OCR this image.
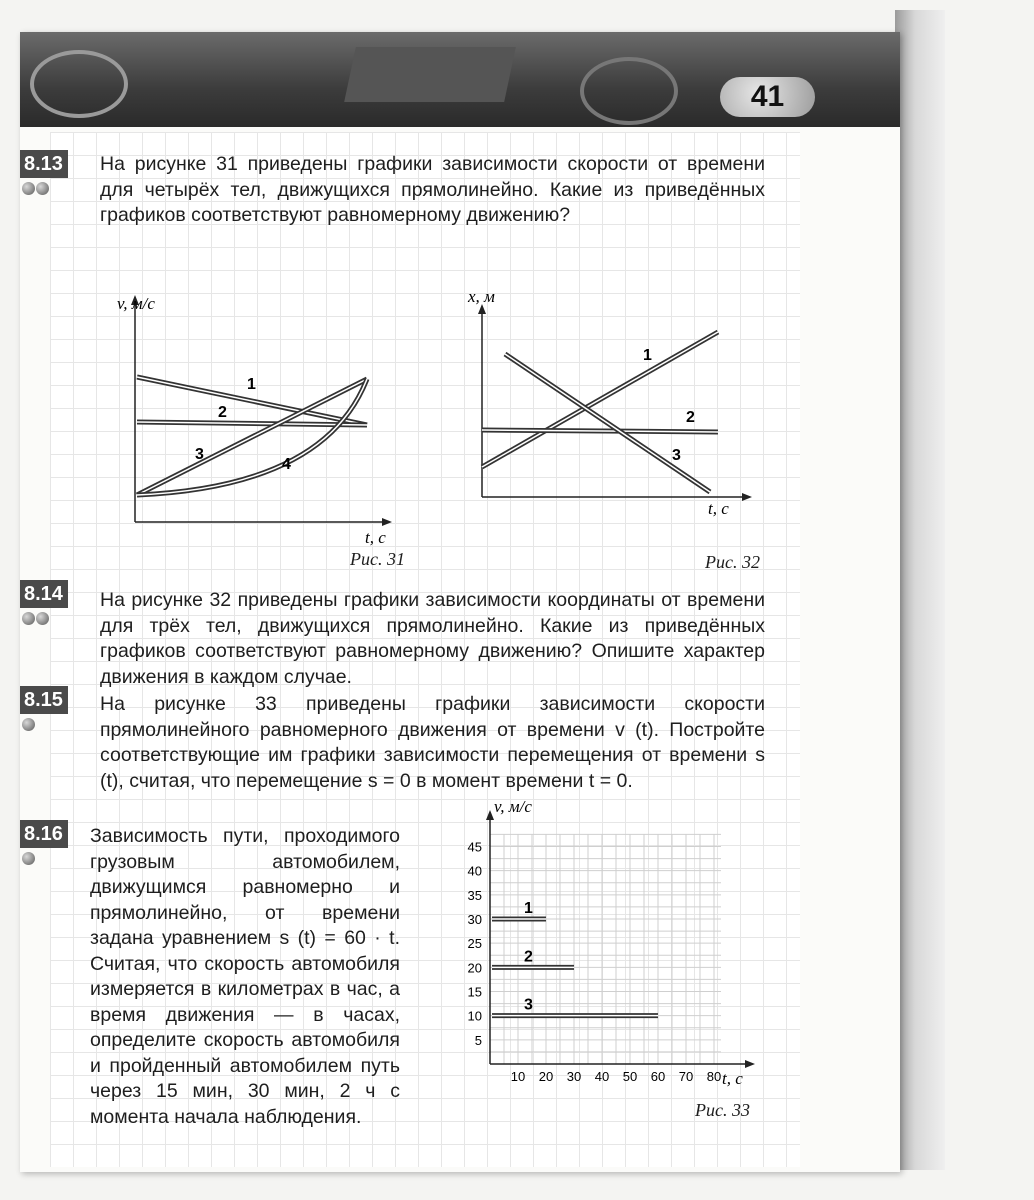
41
8.13 На рисунке 31 приведены графики зависимости скорости от времени для четырёх тел, движущихся прямолинейно. Какие из приведённых графиков соответствуют равномерному движению?

v, м/с
t, с
1
2
3
4
Рис. 31
x, м
t, с
1
2
3
Рис. 32
8.14 На рисунке 32 приведены графики зависимости координаты от времени для трёх тел, движущихся прямолинейно. Какие из приведённых графиков соответствуют равномерному движению? Опишите характер движения в каждом случае.

8.15 На рисунке 33 приведены графики зависимости скорости прямолинейного равномерного движения от времени v (t). Постройте соответствующие им графики зависимости перемещения от времени s (t), считая, что перемещение s = 0 в момент времени t = 0.

8.16 Зависимость пути, проходимого грузовым автомобилем, движущимся равномерно и прямолинейно, от времени задана уравнением s (t) = 60 · t. Считая, что скорость автомобиля измеряется в километрах в час, а время движения — в часах, определите скорость автомобиля и пройденный автомобилем путь через 15 мин, 30 мин, 2 ч с момента начала наблюдения.

v, м/с
t, с
10 20 30 40 50 60 70 80
5
10
15
20
25
30
35
40
45
1
2
3
Рис. 33
